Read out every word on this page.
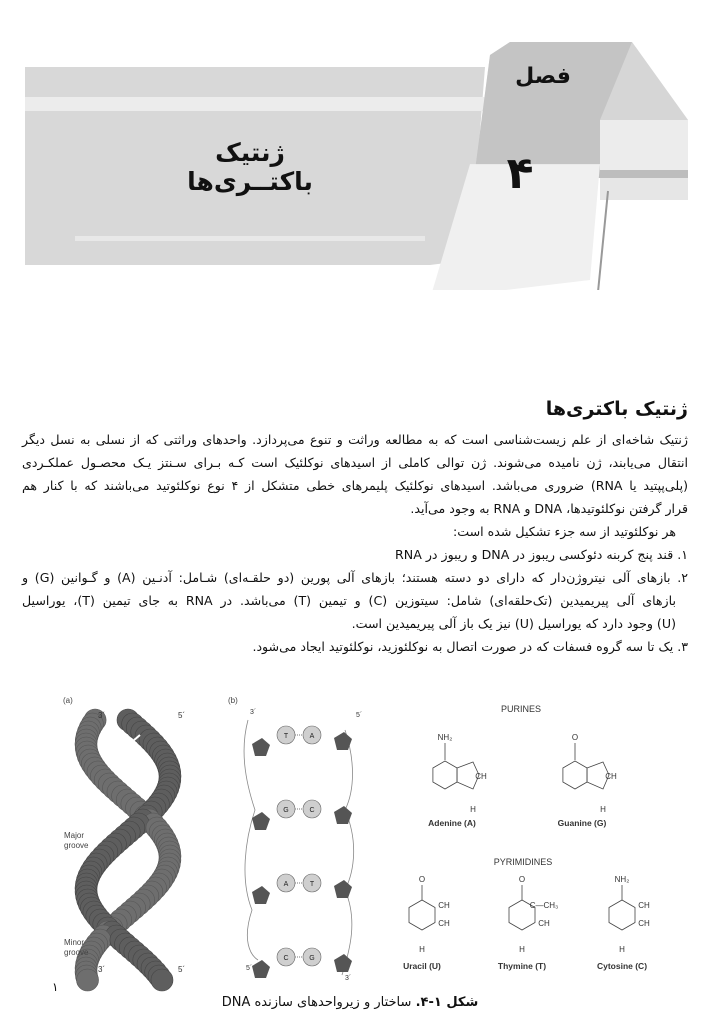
فصل
۴
ژنتیک باکتــری‌ها
ژنتیک باکتری‌ها
ژنتیک شاخه‌ای از علم زیست‌شناسی است که به مطالعه وراثت و تنوع می‌پردازد. واحدهای وراثتی که از نسلی به نسل دیگر
انتقال می‌یابند، ژن نامیده می‌شوند. ژن توالی کاملی از اسیدهای نوکلئیک است کـه بـرای سـنتز یـک محصـول عملکـردی
(پلی‌پپتید یا RNA) ضروری می‌باشد. اسیدهای نوکلئیک پلیمرهای خطی متشکل از ۴ نوع نوکلئوتید می‌باشند که با کنار هم
قرار گرفتن نوکلئوتیدها، DNA و RNA به وجود می‌آید.
هر نوکلئوتید از سه جزء تشکیل شده است:
۱. قند پنج کربنه دئوکسی ریبوز در DNA و ریبوز در RNA
۲. بازهای آلی نیتروژن‌دار که دارای دو دسته هستند؛ بازهای آلی پورین (دو حلقـه‌ای) شـامل: آدنـین (A) و گـوانین (G) و
بازهای آلی پیریمیدین (تک‌حلقه‌ای) شامل: سیتوزین (C) و تیمین (T) می‌باشد. در RNA به جای تیمین (T)، یوراسیل
(U) وجود دارد که یوراسیل (U) نیز یک باز آلی پیریمیدین است.
۳. یک تا سه گروه فسفات که در صورت اتصال به نوکلئوزید، نوکلئوتید ایجاد می‌شود.
(a)
3´	5´
3´	5´
Major
groove
Minor
groove
T	A
G	C
A	T
C	G
(b)
3´	5´
5´
3´
PURINES
NH₂
H
CH
O
H
CH
Adenine (A)	Guanine (G)
PYRIMIDINES
O
H
CH
CH
O
H
C—CH₃
CH
NH₂
H
CH
CH
Uracil (U)	Thymine (T)	Cytosine (C)
۱
شکل ۱-۴. ساختار و زیرواحدهای سازنده DNA
